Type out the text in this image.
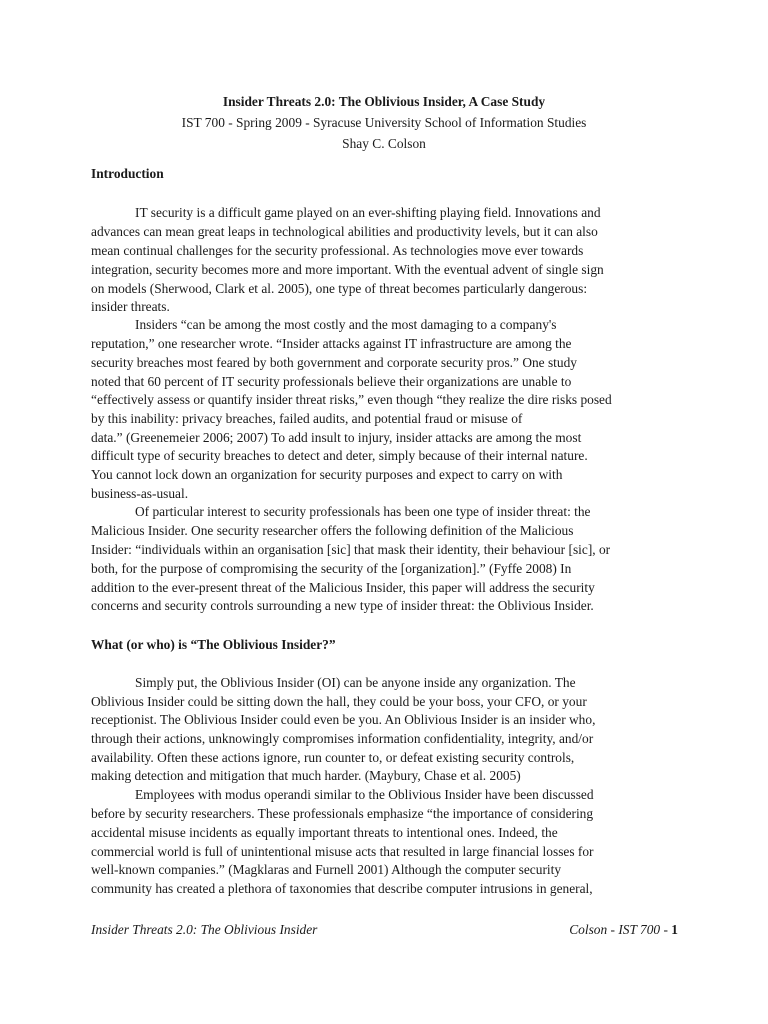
Insider Threats 2.0: The Oblivious Insider, A Case Study
IST 700 - Spring 2009 - Syracuse University School of Information Studies
Shay C. Colson
Introduction
IT security is a difficult game played on an ever-shifting playing field. Innovations and
advances can mean great leaps in technological abilities and productivity levels, but it can also
mean continual challenges for the security professional. As technologies move ever towards
integration, security becomes more and more important. With the eventual advent of single sign
on models (Sherwood, Clark et al. 2005), one type of threat becomes particularly dangerous:
insider threats.
Insiders “can be among the most costly and the most damaging to a company's
reputation,” one researcher wrote. “Insider attacks against IT infrastructure are among the
security breaches most feared by both government and corporate security pros.” One study
noted that 60 percent of IT security professionals believe their organizations are unable to
“effectively assess or quantify insider threat risks,” even though “they realize the dire risks posed
by this inability: privacy breaches, failed audits, and potential fraud or misuse of
data.” (Greenemeier 2006; 2007) To add insult to injury, insider attacks are among the most
difficult type of security breaches to detect and deter, simply because of their internal nature.
You cannot lock down an organization for security purposes and expect to carry on with
business-as-usual.
Of particular interest to security professionals has been one type of insider threat: the
Malicious Insider. One security researcher offers the following definition of the Malicious
Insider: “individuals within an organisation [sic] that mask their identity, their behaviour [sic], or
both, for the purpose of compromising the security of the [organization].” (Fyffe 2008) In
addition to the ever-present threat of the Malicious Insider, this paper will address the security
concerns and security controls surrounding a new type of insider threat: the Oblivious Insider.
What (or who) is “The Oblivious Insider?”
Simply put, the Oblivious Insider (OI) can be anyone inside any organization. The
Oblivious Insider could be sitting down the hall, they could be your boss, your CFO, or your
receptionist. The Oblivious Insider could even be you. An Oblivious Insider is an insider who,
through their actions, unknowingly compromises information confidentiality, integrity, and/or
availability. Often these actions ignore, run counter to, or defeat existing security controls,
making detection and mitigation that much harder. (Maybury, Chase et al. 2005)
Employees with modus operandi similar to the Oblivious Insider have been discussed
before by security researchers. These professionals emphasize “the importance of considering
accidental misuse incidents as equally important threats to intentional ones. Indeed, the
commercial world is full of unintentional misuse acts that resulted in large financial losses for
well-known companies.” (Magklaras and Furnell 2001) Although the computer security
community has created a plethora of taxonomies that describe computer intrusions in general,
Insider Threats 2.0: The Oblivious Insider	Colson - IST 700 - 1
